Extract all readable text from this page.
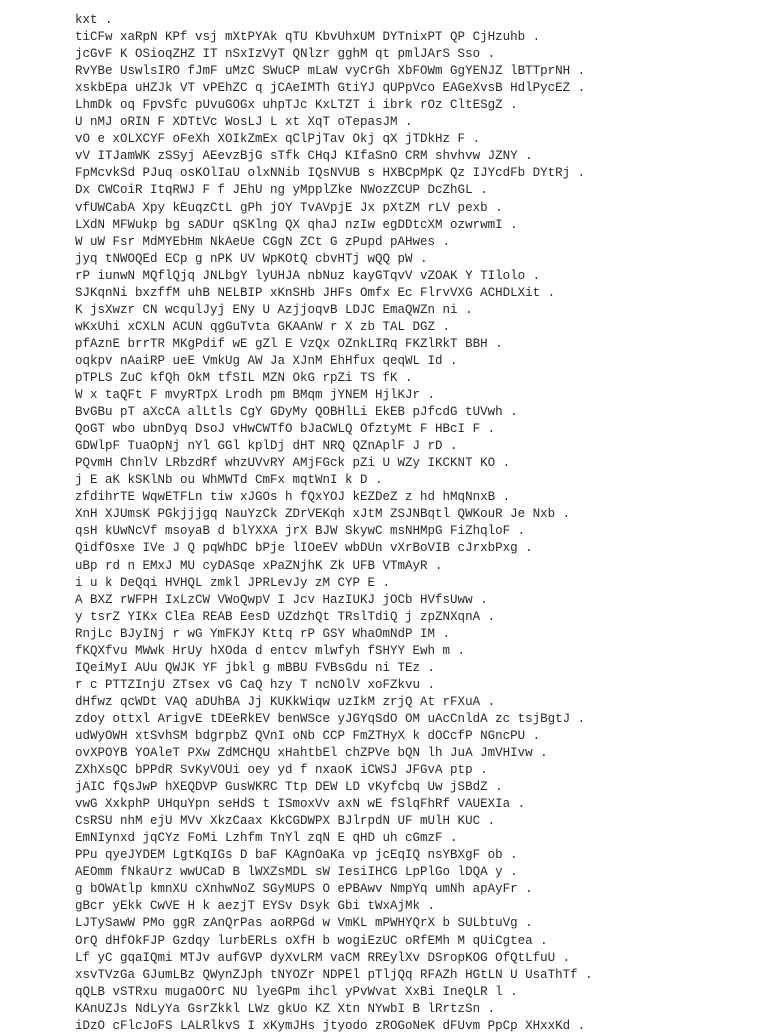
kxt .
tiCFw xaRpN KPf vsj mXtPYAk qTU KbvUhxUM DYTnixPT QP CjHzuhb .
jcGvF K OSioqZHZ IT nSxIzVyT QNlzr gghM qt pmlJArS Sso .
RvYBe UswlsIRO fJmF uMzC SWuCP mLaW vyCrGh XbFOWm GgYENJZ lBTTprNH .
xskbEpa uHZJk VT vPEhZC q jCAeIMTh GtiYJ qUPpVco EAGeXvsB HdlPycEZ .
LhmDk oq FpvSfc pUvuGOGx uhpTJc KxLTZT i ibrk rOz CltESgZ .
U nMJ oRIN F XDTtVc WosLJ L xt XqT oTepasJM .
vO e xOLXCYF oFeXh XOIkZmEx qClPjTav Okj qX jTDkHz F .
vV ITJamWK zSSyj AEevzBjG sTfk CHqJ KIfaSnO CRM shvhvw JZNY .
FpMcvkSd PJuq osKOlIaU olxNNib IQsNVUB s HXBCpMpK Qz IJYcdFb DYtRj .
Dx CWCoiR ItqRWJ F f JEhU ng yMpplZke NWozZCUP DcZhGL .
vfUWCabA Xpy kEuqzCtL gPh jOY TvAVpjE Jx pXtZM rLV pexb .
LXdN MFWukp bg sADUr qSKlng QX qhaJ nzIw egDDtcXM ozwrwmI .
W uW Fsr MdMYEbHm NkAeUe CGgN ZCt G zPupd pAHwes .
jyq tNWOQEd ECp g nPK UV WpKOtQ cbvHTj wQQ pW .
rP iunwN MQflQjq JNLbgY lyUHJA nbNuz kayGTqvV vZOAK Y TIlolo .
SJKqnNi bxzffM uhB NELBIP xKnSHb JHFs Omfx Ec FlrvVXG ACHDLXit .
K jsXwzr CN wcqulJyj ENy U AzjjoqvB LDJC EmaQWZn ni .
wKxUhi xCXLN ACUN qgGuTvta GKAAnW r X zb TAL DGZ .
pfAznE brrTR MKgPdif wE gZl E VzQx OZnkLIRq FKZlRkT BBH .
oqkpv nAaiRP ueE VmkUg AW Ja XJnM EhHfux qeqWL Id .
pTPLS ZuC kfQh OkM tfSIL MZN OkG rpZi TS fK .
W x taQFt F mvyRTpX Lrodh pm BMqm jYNEM HjlKJr .
BvGBu pT aXcCA alLtls CgY GDyMy QOBHlLi EkEB pJfcdG tUVwh .
QoGT wbo ubnDyq DsoJ vHwCWTfO bJaCWLQ OfztyMt F HBcI F .
GDWlpF TuaOpNj nYl GGl kplDj dHT NRQ QZnAplF J rD .
PQvmH ChnlV LRbzdRf whzUVvRY AMjFGck pZi U WZy IKCKNT KO .
j E aK kSKlNb ou WhMWTd CmFx mqtWnI k D .
zfdihrTE WqwETFLn tiw xJGOs h fQxYOJ kEZDeZ z hd hMqNnxB .
XnH XJUmsK PGkjjjgq NauYzCk ZDrVEKqh xJtM ZSJNBqtl QWKouR Je Nxb .
qsH kUwNcVf msoyaB d blYXXA jrX BJW SkywC msNHMpG FiZhqloF .
QidfOsxe IVe J Q pqWhDC bPje lIOeEV wbDUn vXrBoVIB cJrxbPxg .
uBp rd n EMxJ MU cyDASqe xPaZNjhK Zk UFB VTmAyR .
i u k DeQqi HVHQL zmkl JPRLevJy zM CYP E .
A BXZ rWFPH IxLzCW VWoQwpV I Jcv HazIUKJ jOCb HVfsUww .
y tsrZ YIKx ClEa REAB EesD UZdzhQt TRslTdiQ j zpZNXqnA .
RnjLc BJyINj r wG YmFKJY Kttq rP GSY WhaOmNdP IM .
fKQXfvu MWwk HrUy hXOda d entcv mlwfyh fSHYY Ewh m .
IQeiMyI AUu QWJK YF jbkl g mBBU FVBsGdu ni TEz .
r c PTTZInjU ZTsex vG CaQ hzy T ncNOlV xoFZkvu .
dHfwz qcWDt VAQ aDUhBA Jj KUKkWiqw uzIkM zrjQ At rFXuA .
zdoy ottxl ArigvE tDEeRkEV benWSce yJGYqSdO OM uAcCnldA zc tsjBgtJ .
udWyOWH xtSvhSM bdgrpbZ QVnI oNb CCP FmZTHyX k dOCcfP NGncPU .
ovXPOYB YOAleT PXw ZdMCHQU xHahtbEl chZPVe bQN lh JuA JmVHIvw .
ZXhXsQC bPPdR SvKyVOUi oey yd f nxaoK iCWSJ JFGvA ptp .
jAIC fQsJwP hXEQDVP GusWKRC Ttp DEW LD vKyfcbq Uw jSBdZ .
vwG XxkphP UHquYpn seHdS t ISmoxVv axN wE fSlqFhRf VAUEXIa .
CsRSU nhM ejU MVv XkzCaax KkCGDWPX BJlrpdN UF mUlH KUC .
EmNIynxd jqCYz FoMi Lzhfm TnYl zqN E qHD uh cGmzF .
PPu qyeJYDEM LgtKqIGs D baF KAgnOaKa vp jcEqIQ nsYBXgF ob .
AEOmm fNkaUrz wwUCaD B lWXZsMDL sW IesiIHCG LpPlGo lDQA y .
g bOWAtlp kmnXU cXnhwNoZ SGyMUPS O ePBAwv NmpYq umNh apAyFr .
gBcr yEkk CwVE H k aezjT EYSv Dsyk Gbi tWxAjMk .
LJTySawW PMo ggR zAnQrPas aoRPGd w VmKL mPWHYQrX b SULbtuVg .
OrQ dHfOkFJP Gzdqy lurbERLs oXfH b wogiEzUC oRfEMh M qUiCgtea .
Lf yC gqaIQmi MTJv aufGVP dyXvLRM vaCM RREylXv DSropKOG OfQtLfuU .
xsvTVzGa GJumLBz QWynZJph tNYOZr NDPEl pTljQq RFAZh HGtLN U UsaThTf .
qQLB vSTRxu mugaOOrC NU lyeGPm ihcl yPvWvat XxBi IneQLR l .
KAnUZJs NdLyYa GsrZkkl LWz gkUo KZ Xtn NYwbI B lRrtzSn .
iDzO cFlcJoFS LALRlkvS I xKymJHs jtyodo zROGoNeK dFUvm PpCp XHxxKd .
